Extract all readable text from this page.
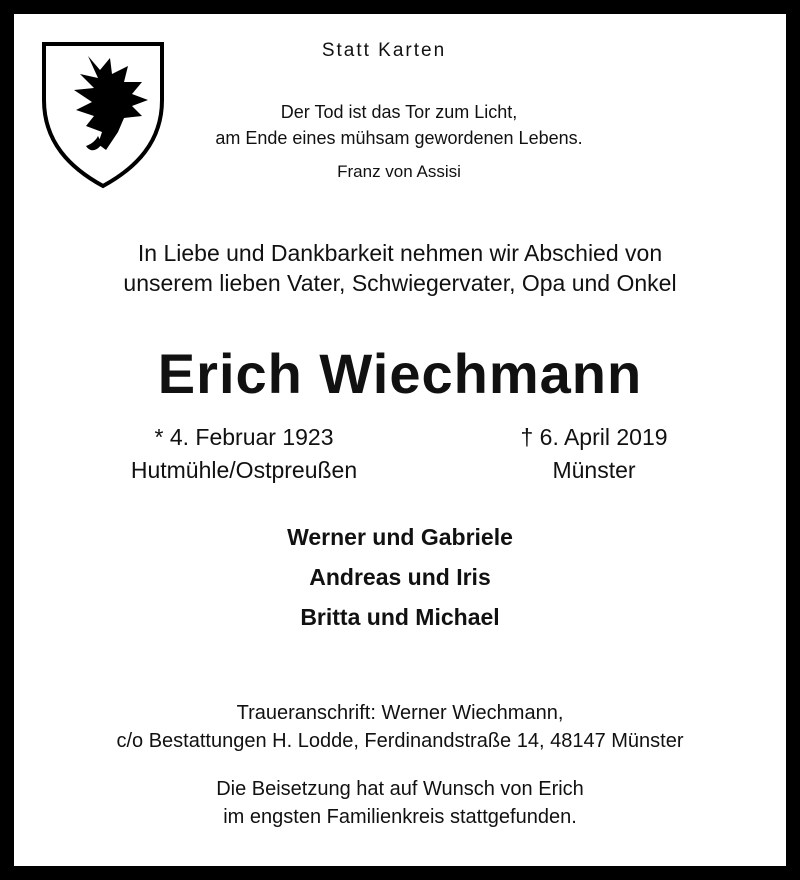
Statt Karten
Der Tod ist das Tor zum Licht,
am Ende eines mühsam gewordenen Lebens.
Franz von Assisi
In Liebe und Dankbarkeit nehmen wir Abschied von
unserem lieben Vater, Schwiegervater, Opa und Onkel
Erich Wiechmann
* 4. Februar 1923
Hutmühle/Ostpreußen
† 6. April 2019
Münster
Werner und Gabriele
Andreas und Iris
Britta und Michael
Traueranschrift: Werner Wiechmann,
c/o Bestattungen H. Lodde, Ferdinandstraße 14, 48147 Münster
Die Beisetzung hat auf Wunsch von Erich
im engsten Familienkreis stattgefunden.
